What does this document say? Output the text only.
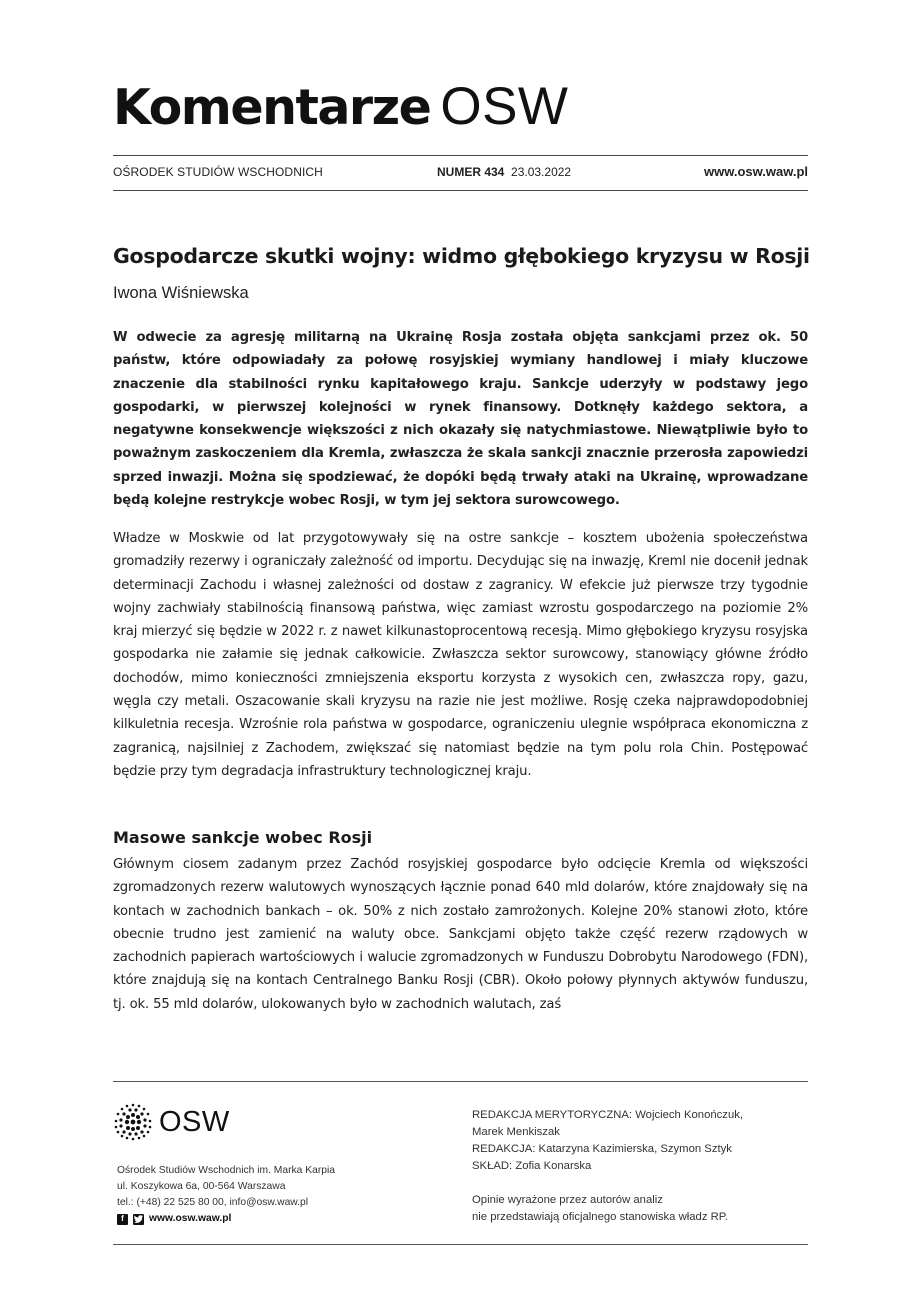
Komentarze OSW
OŚRODEK STUDIÓW WSCHODNICH	NUMER 434 23.03.2022	www.osw.waw.pl
Gospodarcze skutki wojny: widmo głębokiego kryzysu w Rosji
Iwona Wiśniewska
W odwecie za agresję militarną na Ukrainę Rosja została objęta sankcjami przez ok. 50 państw, które odpowiadały za połowę rosyjskiej wymiany handlowej i miały kluczowe znaczenie dla stabilności rynku kapitałowego kraju. Sankcje uderzyły w podstawy jego gospodarki, w pierwszej kolejności w rynek finansowy. Dotknęły każdego sektora, a negatywne konsekwencje większości z nich okazały się natychmiastowe. Niewątpliwie było to poważnym zaskoczeniem dla Kremla, zwłaszcza że skala sankcji znacznie przerosła zapowiedzi sprzed inwazji. Można się spodziewać, że dopóki będą trwały ataki na Ukrainę, wprowadzane będą kolejne restrykcje wobec Rosji, w tym jej sektora surowcowego.
Władze w Moskwie od lat przygotowywały się na ostre sankcje – kosztem ubożenia społeczeństwa gromadziły rezerwy i ograniczały zależność od importu. Decydując się na inwazję, Kreml nie docenił jednak determinacji Zachodu i własnej zależności od dostaw z zagranicy. W efekcie już pierwsze trzy tygodnie wojny zachwiały stabilnością finansową państwa, więc zamiast wzrostu gospodarczego na poziomie 2% kraj mierzyć się będzie w 2022 r. z nawet kilkunastoprocentową recesją. Mimo głębokiego kryzysu rosyjska gospodarka nie załamie się jednak całkowicie. Zwłaszcza sektor surowcowy, stanowiący główne źródło dochodów, mimo konieczności zmniejszenia eksportu korzysta z wysokich cen, zwłaszcza ropy, gazu, węgla czy metali. Oszacowanie skali kryzysu na razie nie jest możliwe. Rosję czeka najprawdopodobniej kilkuletnia recesja. Wzrośnie rola państwa w gospodarce, ograniczeniu ulegnie współpraca ekonomiczna z zagranicą, najsilniej z Zachodem, zwiększać się natomiast będzie na tym polu rola Chin. Postępować będzie przy tym degradacja infrastruktury technologicznej kraju.
Masowe sankcje wobec Rosji
Głównym ciosem zadanym przez Zachód rosyjskiej gospodarce było odcięcie Kremla od większości zgromadzonych rezerw walutowych wynoszących łącznie ponad 640 mld dolarów, które znajdowały się na kontach w zachodnich bankach – ok. 50% z nich zostało zamrożonych. Kolejne 20% stanowi złoto, które obecnie trudno jest zamienić na waluty obce. Sankcjami objęto także część rezerw rządowych w zachodnich papierach wartościowych i walucie zgromadzonych w Funduszu Dobrobytu Narodowego (FDN), które znajdują się na kontach Centralnego Banku Rosji (CBR). Około połowy płynnych aktywów funduszu, tj. ok. 55 mld dolarów, ulokowanych było w zachodnich walutach, zaś
OSW
Ośrodek Studiów Wschodnich im. Marka Karpia
ul. Koszykowa 6a, 00-564 Warszawa
tel.: (+48) 22 525 80 00, info@osw.waw.pl
f	www.osw.waw.pl
REDAKCJA MERYTORYCZNA: Wojciech Konończuk,
Marek Menkiszak
REDAKCJA: Katarzyna Kazimierska, Szymon Sztyk
SKŁAD: Zofia Konarska
Opinie wyrażone przez autorów analiz
nie przedstawiają oficjalnego stanowiska władz RP.
